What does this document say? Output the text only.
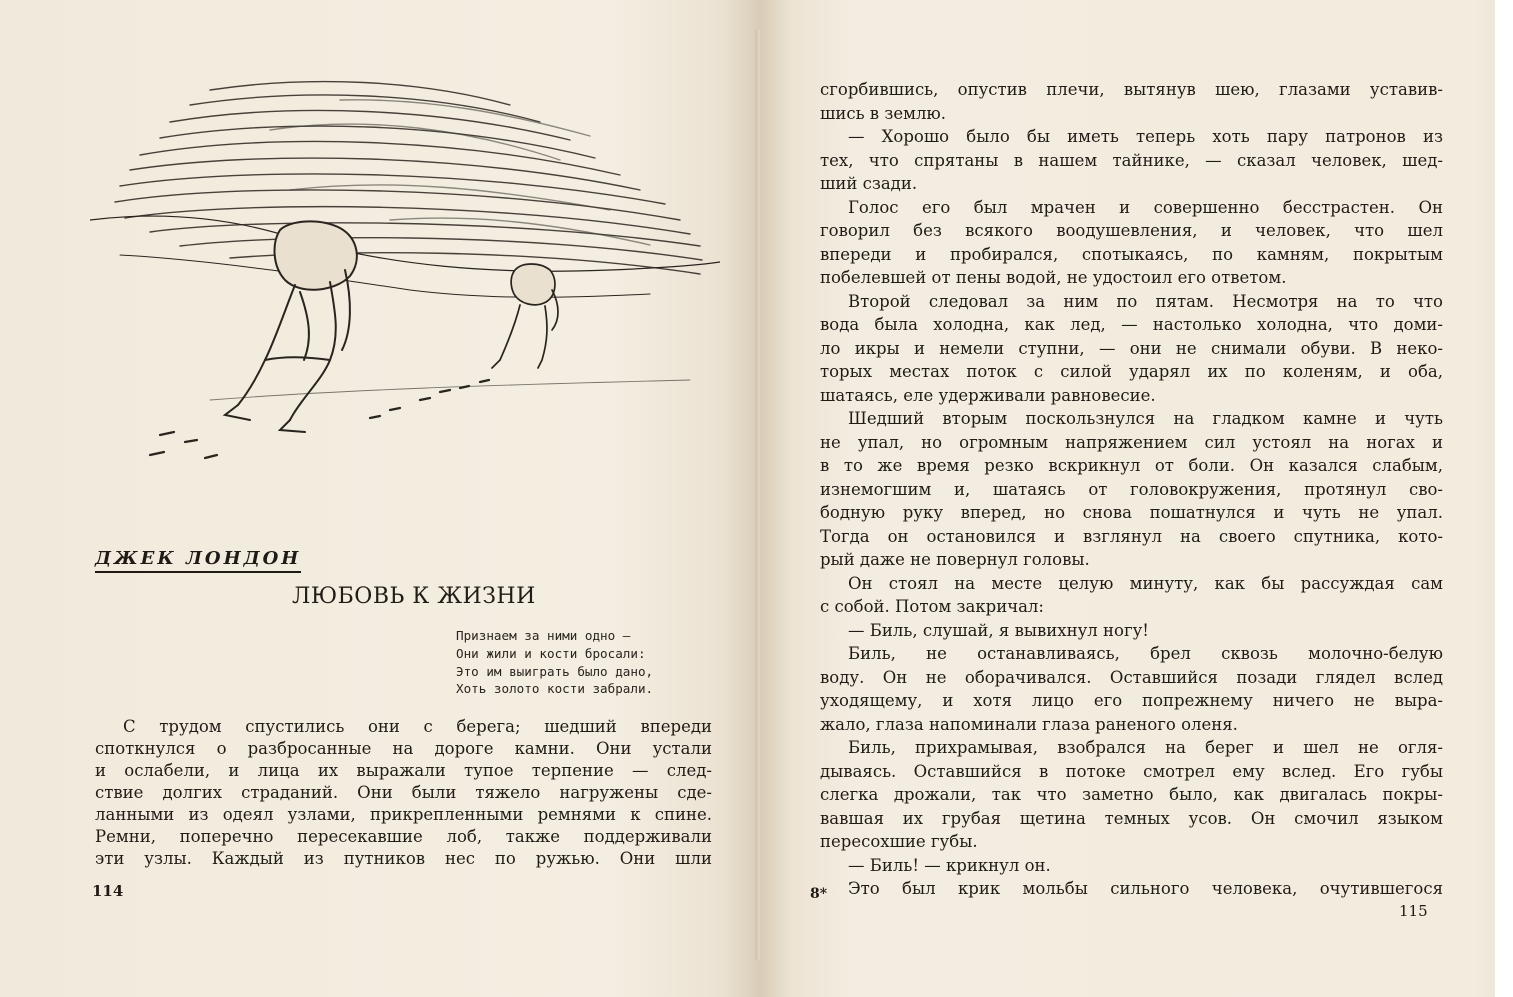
ДЖЕК ЛОНДОН
ЛЮБОВЬ К ЖИЗНИ
Признаем за ними одно —
Они жили и кости бросали:
Это им выиграть было дано,
Хоть золото кости забрали.
С трудом спустились они с берега; шедший впереди
споткнулся о разбросанные на дороге камни. Они устали
и ослабели, и лица их выражали тупое терпение — след-
ствие долгих страданий. Они были тяжело нагружены сде-
ланными из одеял узлами, прикрепленными ремнями к спине.
Ремни, поперечно пересекавшие лоб, также поддерживали
эти узлы. Каждый из путников нес по ружью. Они шли
114
сгорбившись, опустив плечи, вытянув шею, глазами уставив-
шись в землю.
— Хорошо было бы иметь теперь хоть пару патронов из
тех, что спрятаны в нашем тайнике, — сказал человек, шед-
ший сзади.
Голос его был мрачен и совершенно бесстрастен. Он
говорил без всякого воодушевления, и человек, что шел
впереди и пробирался, спотыкаясь, по камням, покрытым
побелевшей от пены водой, не удостоил его ответом.
Второй следовал за ним по пятам. Несмотря на то что
вода была холодна, как лед, — настолько холодна, что доми-
ло икры и немели ступни, — они не снимали обуви. В неко-
торых местах поток с силой ударял их по коленям, и оба,
шатаясь, еле удерживали равновесие.
Шедший вторым поскользнулся на гладком камне и чуть
не упал, но огромным напряжением сил устоял на ногах и
в то же время резко вскрикнул от боли. Он казался слабым,
изнемогшим и, шатаясь от головокружения, протянул сво-
бодную руку вперед, но снова пошатнулся и чуть не упал.
Тогда он остановился и взглянул на своего спутника, кото-
рый даже не повернул головы.
Он стоял на месте целую минуту, как бы рассуждая сам
с собой. Потом закричал:
— Биль, слушай, я вывихнул ногу!
Биль, не останавливаясь, брел сквозь молочно-белую
воду. Он не оборачивался. Оставшийся позади глядел вслед
уходящему, и хотя лицо его попрежнему ничего не выра-
жало, глаза напоминали глаза раненого оленя.
Биль, прихрамывая, взобрался на берег и шел не огля-
дываясь. Оставшийся в потоке смотрел ему вслед. Его губы
слегка дрожали, так что заметно было, как двигалась покры-
вавшая их грубая щетина темных усов. Он смочил языком
пересохшие губы.
— Биль! — крикнул он.
Это был крик мольбы сильного человека, очутившегося
8*
115
